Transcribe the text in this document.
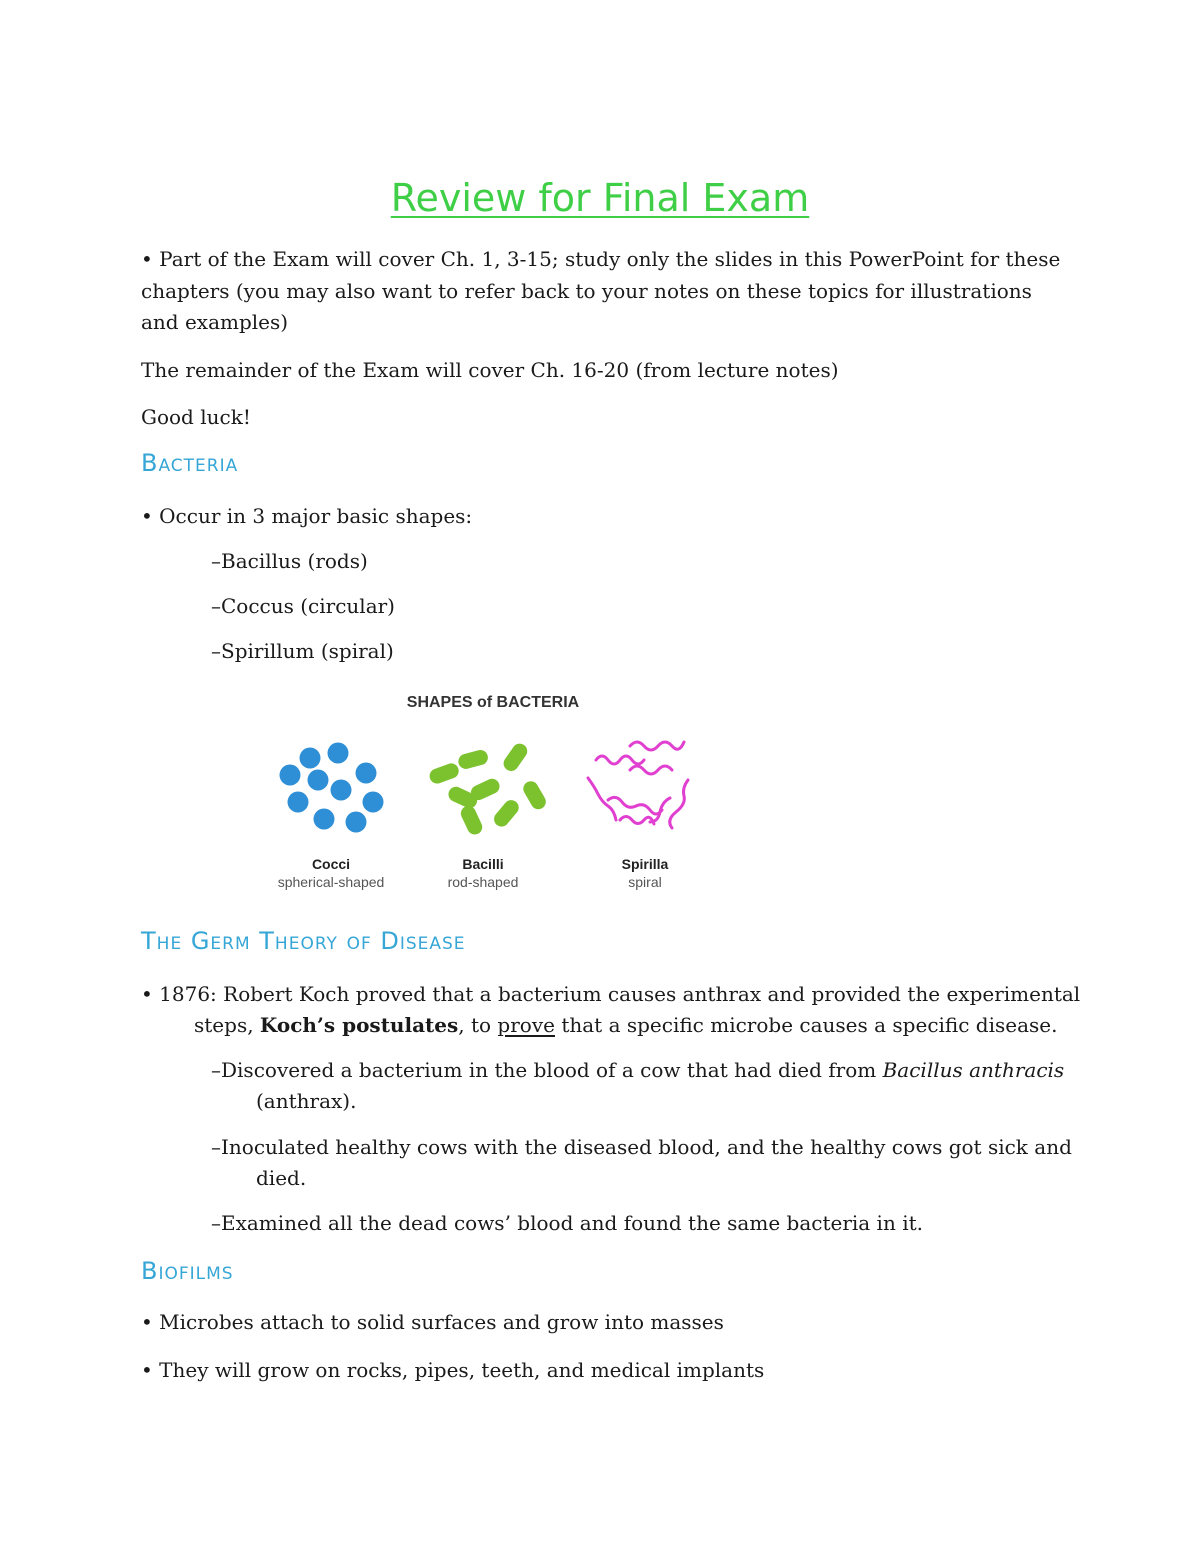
Review for Final Exam
• Part of the Exam will cover Ch. 1, 3-15; study only the slides in this PowerPoint for these
chapters (you may also want to refer back to your notes on these topics for illustrations
and examples)
The remainder of the Exam will cover Ch. 16-20 (from lecture notes)
Good luck!
Bacteria
• Occur in 3 major basic shapes:
–Bacillus (rods)
–Coccus (circular)
–Spirillum (spiral)
SHAPES of BACTERIA
Cocci
spherical-shaped
Bacilli
rod-shaped
Spirilla
spiral
The Germ Theory of Disease
• 1876: Robert Koch proved that a bacterium causes anthrax and provided the experimental
steps, Koch’s postulates, to prove that a specific microbe causes a specific disease.
–Discovered a bacterium in the blood of a cow that had died from Bacillus anthracis
(anthrax).
–Inoculated healthy cows with the diseased blood, and the healthy cows got sick and
died.
–Examined all the dead cows’ blood and found the same bacteria in it.
Biofilms
• Microbes attach to solid surfaces and grow into masses
• They will grow on rocks, pipes, teeth, and medical implants
